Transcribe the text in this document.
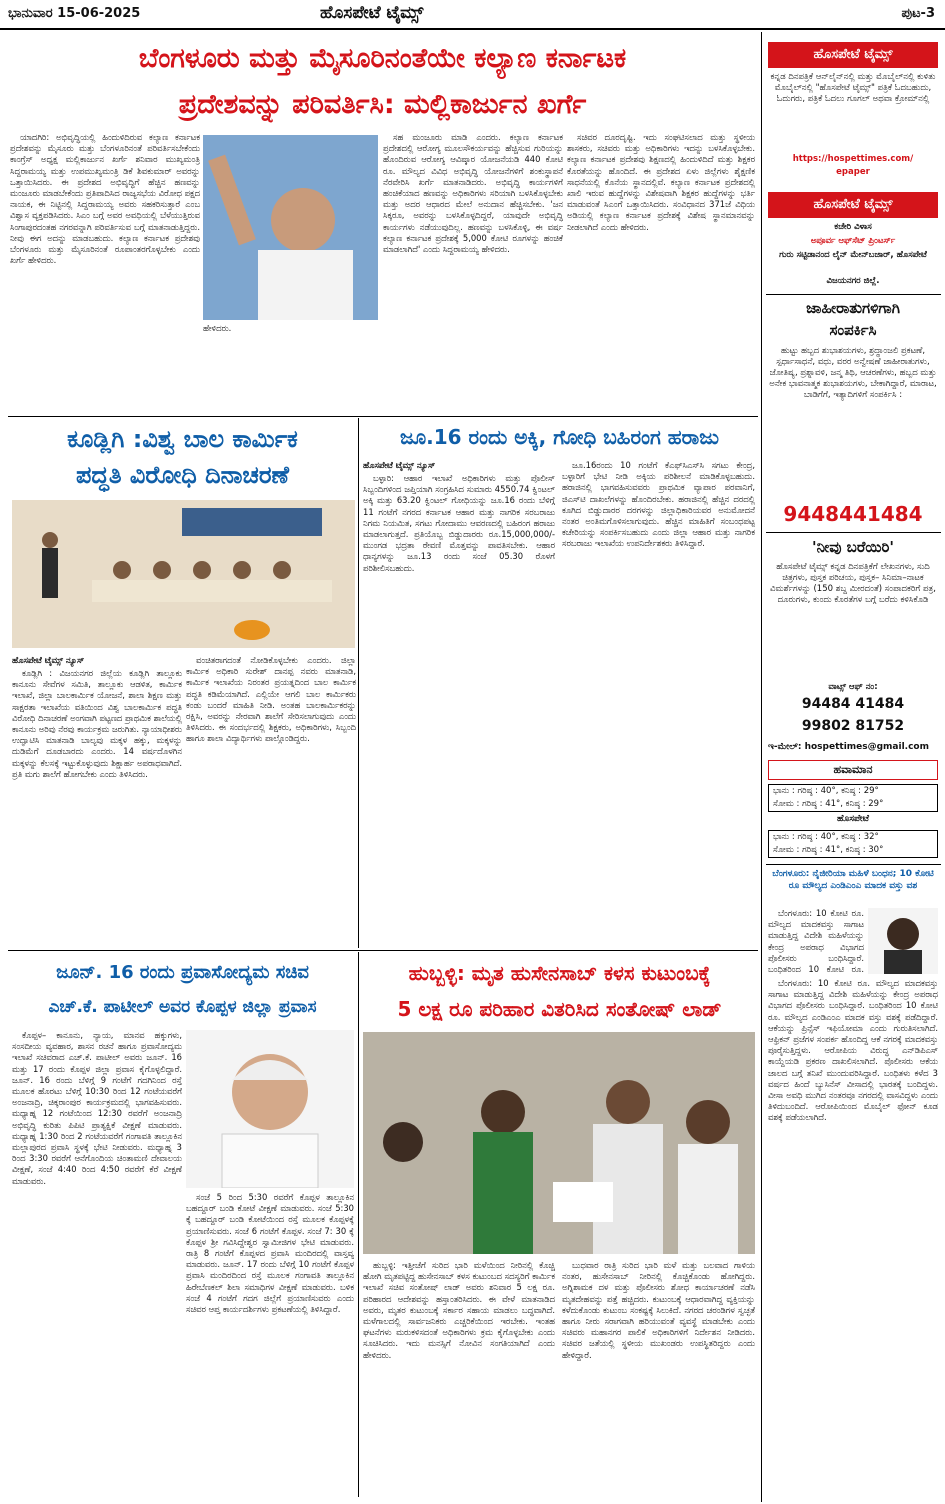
ಭಾನುವಾರ 15-06-2025	ಹೊಸಪೇಟೆ ಟೈಮ್ಸ್	ಪುಟ-3
ಬೆಂಗಳೂರು ಮತ್ತು ಮೈಸೂರಿನಂತೆಯೇ ಕಲ್ಯಾಣ ಕರ್ನಾಟಕ
ಪ್ರದೇಶವನ್ನು ಪರಿವರ್ತಿಸಿ: ಮಲ್ಲಿಕಾರ್ಜುನ ಖರ್ಗೆ

ಯಾದಗಿರಿ: ಅಭಿವೃದ್ಧಿಯಲ್ಲಿ ಹಿಂದುಳಿದಿರುವ ಕಲ್ಯಾಣ ಕರ್ನಾಟಕ ಪ್ರದೇಶವನ್ನು ಮೈಸೂರು ಮತ್ತು ಬೆಂಗಳೂರಿನಂತೆ ಪರಿವರ್ತಿಸಬೇಕೆಂದು ಕಾಂಗ್ರೆಸ್ ಅಧ್ಯಕ್ಷ ಮಲ್ಲಿಕಾರ್ಜುನ ಖರ್ಗೆ ಶನಿವಾರ ಮುಖ್ಯಮಂತ್ರಿ ಸಿದ್ದರಾಮಯ್ಯ ಮತ್ತು ಉಪಮುಖ್ಯಮಂತ್ರಿ ಡಿಕೆ ಶಿವಕುಮಾರ್ ಅವರನ್ನು ಒತ್ತಾಯಿಸಿದರು. ಈ ಪ್ರದೇಶದ ಅಭಿವೃದ್ಧಿಗೆ ಹೆಚ್ಚಿನ ಹಣವನ್ನು ಮಂಜೂರು ಮಾಡಬೇಕೆಂದು ಪ್ರತಿಪಾದಿಸಿದ ರಾಜ್ಯಸಭೆಯ ವಿರೋಧ ಪಕ್ಷದ ನಾಯಕ, ಈ ನಿಟ್ಟಿನಲ್ಲಿ ಸಿದ್ದರಾಮಯ್ಯ ಅವರು ಸಹಕರಿಸುತ್ತಾರೆ ಎಂಬ ವಿಶ್ವಾಸ ವ್ಯಕ್ತಪಡಿಸಿದರು. ಸಿಎಂ ಬಗ್ಗೆ ಅವರ ಅವಧಿಯಲ್ಲಿ ಬೆಳೆಯುತ್ತಿರುವ ಸಿಂಗಾಪುರದಂತಹ ನಗರವನ್ನಾಗಿ ಪರಿವರ್ತಿಸುವ ಬಗ್ಗೆ ಮಾತನಾಡುತ್ತಿದ್ದರು. ನೀವು ಈಗ ಅದನ್ನು ಮಾಡಬಹುದು. ಕಲ್ಯಾಣ ಕರ್ನಾಟಕ ಪ್ರದೇಶವು ಬೆಂಗಳೂರು ಮತ್ತು ಮೈಸೂರಿನಂತೆ ರೂಪಾಂತರಗೊಳ್ಳಬೇಕು ಎಂದು ಖರ್ಗೆ ಹೇಳಿದರು.

ಹೇಳಿದರು.

ಸಹ ಮಂಜೂರು ಮಾಡಿ ಎಂದರು. ಕಲ್ಯಾಣ ಕರ್ನಾಟಕ ಪ್ರದೇಶದಲ್ಲಿ ಆರೋಗ್ಯ ಮೂಲಸೌಕರ್ಯವನ್ನು ಹೆಚ್ಚಿಸುವ ಗುರಿಯನ್ನು ಹೊಂದಿರುವ ಆರೋಗ್ಯ ಆವಿಷ್ಕಾರ ಯೋಜನೆಯಡಿ 440 ಕೋಟಿ ರೂ. ಮೌಲ್ಯದ ವಿವಿಧ ಅಭಿವೃದ್ಧಿ ಯೋಜನೆಗಳಿಗೆ ಶಂಕುಸ್ಥಾಪನೆ ನೆರವೇರಿಸಿ ಖರ್ಗೆ ಮಾತನಾಡಿದರು. ಅಭಿವೃದ್ಧಿ ಕಾರ್ಯಗಳಿಗೆ ಹಂಚಿಕೆಯಾದ ಹಣವನ್ನು ಅಧಿಕಾರಿಗಳು ಸರಿಯಾಗಿ ಬಳಸಿಕೊಳ್ಳಬೇಕು ಮತ್ತು ಅದರ ಆಧಾರದ ಮೇಲೆ ಅನುದಾನ ಹೆಚ್ಚಿಸಬೇಕು. 'ಜನ ಸಿಕ್ಕರೂ, ಅವರನ್ನು ಬಳಸಿಕೊಳ್ಳದಿದ್ದರೆ, ಯಾವುದೇ ಅಭಿವೃದ್ಧಿ ಕಾರ್ಯಗಳು ನಡೆಯುವುದಿಲ್ಲ. ಹಣವನ್ನು ಬಳಸಿಕೊಳ್ಳಿ, ಈ ವರ್ಷ ಕಲ್ಯಾಣ ಕರ್ನಾಟಕ ಪ್ರದೇಶಕ್ಕೆ 5,000 ಕೋಟಿ ರೂಗಳನ್ನು ಹಂಚಿಕೆ ಮಾಡಲಾಗಿದೆ' ಎಂದು ಸಿದ್ದರಾಮಯ್ಯ ಹೇಳಿದರು.

ಸಚಿವರ ದೂರದೃಷ್ಟಿ. ಇದು ಸಂಘಟಿಸಲಾದ ಮತ್ತು ಸ್ಥಳೀಯ ಶಾಸಕರು, ಸಚಿವರು ಮತ್ತು ಅಧಿಕಾರಿಗಳು ಇದನ್ನು ಬಳಸಿಕೊಳ್ಳಬೇಕು. ಕಲ್ಯಾಣ ಕರ್ನಾಟಕ ಪ್ರದೇಶವು ಶಿಕ್ಷಣದಲ್ಲಿ ಹಿಂದುಳಿದಿದೆ ಮತ್ತು ಶಿಕ್ಷಕರ ಕೊರತೆಯನ್ನು ಹೊಂದಿದೆ. ಈ ಪ್ರದೇಶದ ಏಳು ಜಿಲ್ಲೆಗಳು ಶೈಕ್ಷಣಿಕ ಸಾಧನೆಯಲ್ಲಿ ಕೊನೆಯ ಸ್ಥಾನದಲ್ಲಿವೆ. ಕಲ್ಯಾಣ ಕರ್ನಾಟಕ ಪ್ರದೇಶದಲ್ಲಿ ಖಾಲಿ ಇರುವ ಹುದ್ದೆಗಳನ್ನು ವಿಶೇಷವಾಗಿ ಶಿಕ್ಷಕರ ಹುದ್ದೆಗಳನ್ನು ಭರ್ತಿ ಮಾಡುವಂತೆ ಸಿಎಂಗೆ ಒತ್ತಾಯಿಸಿದರು. ಸಂವಿಧಾನದ 371ಜೆ ವಿಧಿಯ ಅಡಿಯಲ್ಲಿ ಕಲ್ಯಾಣ ಕರ್ನಾಟಕ ಪ್ರದೇಶಕ್ಕೆ ವಿಶೇಷ ಸ್ಥಾನಮಾನವನ್ನು ನೀಡಲಾಗಿದೆ ಎಂದು ಹೇಳಿದರು.

ಕೂಡ್ಲಿಗಿ :ವಿಶ್ವ ಬಾಲ ಕಾರ್ಮಿಕ
ಪದ್ಧತಿ ವಿರೋಧಿ ದಿನಾಚರಣೆ
ಹೊಸಪೇಟೆ ಟೈಮ್ಸ್ ನ್ಯೂಸ್

ಕೂಡ್ಲಿಗಿ : ವಿಜಯನಗರ ಜಿಲ್ಲೆಯ ಕೂಡ್ಲಿಗಿ ತಾಲ್ಲೂಕು ಕಾನೂನು ಸೇವೆಗಳ ಸಮಿತಿ, ತಾಲ್ಲೂಕು ಆಡಳಿತ, ಕಾರ್ಮಿಕ ಇಲಾಖೆ, ಜಿಲ್ಲಾ ಬಾಲಕಾರ್ಮಿಕ ಯೋಜನೆ, ಶಾಲಾ ಶಿಕ್ಷಣ ಮತ್ತು ಸಾಕ್ಷರತಾ ಇಲಾಖೆಯ ವತಿಯಿಂದ ವಿಶ್ವ ಬಾಲಕಾರ್ಮಿಕ ಪದ್ಧತಿ ವಿರೋಧಿ ದಿನಾಚರಣೆ ಅಂಗವಾಗಿ ಪಟ್ಟಣದ ಪ್ರಾಥಮಿಕ ಶಾಲೆಯಲ್ಲಿ ಕಾನೂನು ಅರಿವು ನೆರವು ಕಾರ್ಯಕ್ರಮ ಜರುಗಿತು. ನ್ಯಾಯಾಧೀಶರು ಉದ್ಘಾಟಿಸಿ ಮಾತನಾಡಿ ಬಾಲ್ಯವು ಮಕ್ಕಳ ಹಕ್ಕು, ಮಕ್ಕಳನ್ನು ದುಡಿಮೆಗೆ ದೂಡಬಾರದು ಎಂದರು. 14 ವರ್ಷದೊಳಗಿನ ಮಕ್ಕಳನ್ನು ಕೆಲಸಕ್ಕೆ ಇಟ್ಟುಕೊಳ್ಳುವುದು ಶಿಕ್ಷಾರ್ಹ ಅಪರಾಧವಾಗಿದೆ. ಪ್ರತಿ ಮಗು ಶಾಲೆಗೆ ಹೋಗಬೇಕು ಎಂದು ತಿಳಿಸಿದರು.

ವಂಚಿತರಾಗದಂತೆ ನೋಡಿಕೊಳ್ಳಬೇಕು ಎಂದರು. ಜಿಲ್ಲಾ ಕಾರ್ಮಿಕ ಅಧಿಕಾರಿ ಸುರೇಶ್ ದಾನಪ್ಪ ನವರು ಮಾತನಾಡಿ, ಕಾರ್ಮಿಕ ಇಲಾಖೆಯ ನಿರಂತರ ಪ್ರಯತ್ನದಿಂದ ಬಾಲ ಕಾರ್ಮಿಕ ಪದ್ಧತಿ ಕಡಿಮೆಯಾಗಿದೆ. ಎಲ್ಲಿಯೇ ಆಗಲಿ ಬಾಲ ಕಾರ್ಮಿಕರು ಕಂಡು ಬಂದರೆ ಮಾಹಿತಿ ನೀಡಿ. ಅಂತಹ ಬಾಲಕಾರ್ಮಿಕರನ್ನು ರಕ್ಷಿಸಿ, ಅವರನ್ನು ನೇರವಾಗಿ ಶಾಲೆಗೆ ಸೇರಿಸಲಾಗುವುದು ಎಂದು ತಿಳಿಸಿದರು. ಈ ಸಂದರ್ಭದಲ್ಲಿ ಶಿಕ್ಷಕರು, ಅಧಿಕಾರಿಗಳು, ಸಿಬ್ಬಂದಿ ಹಾಗೂ ಶಾಲಾ ವಿದ್ಯಾರ್ಥಿಗಳು ಪಾಲ್ಗೊಂಡಿದ್ದರು.

ಜೂ.16 ರಂದು ಅಕ್ಕಿ, ಗೋಧಿ ಬಹಿರಂಗ ಹರಾಜು
ಹೊಸಪೇಟೆ ಟೈಮ್ಸ್ ನ್ಯೂಸ್

ಬಳ್ಳಾರಿ: ಆಹಾರ ಇಲಾಖೆ ಅಧಿಕಾರಿಗಳು ಮತ್ತು ಪೊಲೀಸ್ ಸಿಬ್ಬಂದಿಗಳಿಂದ ಜಪ್ತಿಯಾಗಿ ಸಂಗ್ರಹಿಸಿದ ಸುಮಾರು 4550.74 ಕ್ವಿಂಟಲ್ ಅಕ್ಕಿ ಮತ್ತು 63.20 ಕ್ವಿಂಟಲ್ ಗೋಧಿಯನ್ನು ಜೂ.16 ರಂದು ಬೆಳಿಗ್ಗೆ 11 ಗಂಟೆಗೆ ನಗರದ ಕರ್ನಾಟಕ ಆಹಾರ ಮತ್ತು ನಾಗರಿಕ ಸರಬರಾಜು ನಿಗಮ ನಿಯಮಿತ, ಸಗಟು ಗೋದಾಮು ಆವರಣದಲ್ಲಿ ಬಹಿರಂಗ ಹರಾಜು ಮಾಡಲಾಗುತ್ತದೆ. ಪ್ರತಿಯೊಬ್ಬ ಬಿಡ್ಡುದಾರರು ರೂ.15,000,000/- ಮುಂಗಡ ಭದ್ರತಾ ಠೇವಣಿ ಮೊತ್ತವನ್ನು ಪಾವತಿಸಬೇಕು. ಆಹಾರ ಧಾನ್ಯಗಳನ್ನು ಜೂ.13 ರಂದು ಸಂಜೆ 05.30 ರೊಳಗೆ ಪರಿಶೀಲಿಸಬಹುದು.

ಜೂ.16ರಂದು 10 ಗಂಟೆಗೆ ಕೆಎಫ್‌ಸಿಎಸ್‌ಸಿ ಸಗಟು ಕೇಂದ್ರ, ಬಳ್ಳಾರಿಗೆ ಭೇಟಿ ನೀಡಿ ಅಕ್ಕಿಯ ಪರಿಶೀಲನೆ ಮಾಡಿಕೊಳ್ಳಬಹುದು. ಹರಾಜಿನಲ್ಲಿ ಭಾಗವಹಿಸುವವರು ಪ್ರಾಥಮಿಕ ವ್ಯಾಪಾರ ಪರವಾನಿಗೆ, ಜಿಎಸ್‌ಟಿ ದಾಖಲೆಗಳನ್ನು ಹೊಂದಿರಬೇಕು. ಹರಾಜಿನಲ್ಲಿ ಹೆಚ್ಚಿನ ದರದಲ್ಲಿ ಕೂಗಿದ ಬಿಡ್ಡುದಾರರ ದರಗಳನ್ನು ಜಿಲ್ಲಾಧಿಕಾರಿಯವರ ಅನುಮೋದನೆ ನಂತರ ಅಂತಿಮಗೊಳಿಸಲಾಗುವುದು. ಹೆಚ್ಚಿನ ಮಾಹಿತಿಗೆ ಸಂಬಂಧಪಟ್ಟ ಕಚೇರಿಯನ್ನು ಸಂಪರ್ಕಿಸಬಹುದು ಎಂದು ಜಿಲ್ಲಾ ಆಹಾರ ಮತ್ತು ನಾಗರಿಕ ಸರಬರಾಜು ಇಲಾಖೆಯ ಉಪನಿರ್ದೇಶಕರು ತಿಳಿಸಿದ್ದಾರೆ.

ಜೂನ್. 16 ರಂದು ಪ್ರವಾಸೋದ್ಯಮ ಸಚಿವ
ಎಚ್.ಕೆ. ಪಾಟೀಲ್ ಅವರ ಕೊಪ್ಪಳ ಜಿಲ್ಲಾ ಪ್ರವಾಸ

ಕೊಪ್ಪಳ– ಕಾನೂನು, ನ್ಯಾಯ, ಮಾನವ ಹಕ್ಕುಗಳು, ಸಂಸದೀಯ ವ್ಯವಹಾರ, ಶಾಸನ ರಚನೆ ಹಾಗೂ ಪ್ರವಾಸೋದ್ಯಮ ಇಲಾಖೆ ಸಚಿವರಾದ ಎಚ್.ಕೆ. ಪಾಟೀಲ್ ಅವರು ಜೂನ್. 16 ಮತ್ತು 17 ರಂದು ಕೊಪ್ಪಳ ಜಿಲ್ಲಾ ಪ್ರವಾಸ ಕೈಗೊಳ್ಳಲಿದ್ದಾರೆ. ಜೂನ್. 16 ರಂದು ಬೆಳಿಗ್ಗೆ 9 ಗಂಟೆಗೆ ಗದಗಿನಿಂದ ರಸ್ತೆ ಮೂಲಕ ಹೊರಟು ಬೆಳಿಗ್ಗೆ 10:30 ರಿಂದ 12 ಗಂಟೆಯವರೆಗೆ ಅಂಜನಾದ್ರಿ, ಚಿಕ್ಕರಾಂಪುರ ಕಾರ್ಯಕ್ರಮದಲ್ಲಿ ಭಾಗವಹಿಸುವರು. ಮಧ್ಯಾಹ್ನ 12 ಗಂಟೆಯಿಂದ 12:30 ರವರೆಗೆ ಅಂಜನಾದ್ರಿ ಅಭಿವೃದ್ಧಿ ಕುರಿತು ಪಿಪಿಟಿ ಪ್ರಾತ್ಯಕ್ಷಿಕೆ ವೀಕ್ಷಣೆ ಮಾಡುವರು. ಮಧ್ಯಾಹ್ನ 1:30 ರಿಂದ 2 ಗಂಟೆಯವರೆಗೆ ಗಂಗಾವತಿ ತಾಲ್ಲೂಕಿನ ಮಲ್ಲಾಪುರದ ಪ್ರವಾಸಿ ಸ್ಥಳಕ್ಕೆ ಭೇಟಿ ನೀಡುವರು. ಮಧ್ಯಾಹ್ನ 3 ರಿಂದ 3:30 ರವರೆಗೆ ಆನೆಗೊಂದಿಯ ಚಿಂತಾಮಣಿ ದೇವಾಲಯ ವೀಕ್ಷಣೆ, ಸಂಜೆ 4:40 ರಿಂದ 4:50 ರವರೆಗೆ ಕೆರೆ ವೀಕ್ಷಣೆ ಮಾಡುವರು.

ಸಂಜೆ 5 ರಿಂದ 5:30 ರವರೆಗೆ ಕೊಪ್ಪಳ ತಾಲ್ಲೂಕಿನ ಬಹದ್ದೂರ್ ಬಂಡಿ ಕೋಟೆ ವೀಕ್ಷಣೆ ಮಾಡುವರು. ಸಂಜೆ 5:30 ಕ್ಕೆ ಬಹದ್ದೂರ್ ಬಂಡಿ ಕೋಟೆಯಿಂದ ರಸ್ತೆ ಮೂಲಕ ಕೊಪ್ಪಳಕ್ಕೆ ಪ್ರಯಾಣಿಸುವರು. ಸಂಜೆ 6 ಗಂಟೆಗೆ ಕೊಪ್ಪಳ. ಸಂಜೆ 7: 30 ಕ್ಕೆ ಕೊಪ್ಪಳ ಶ್ರೀ ಗವಿಸಿದ್ದೇಶ್ವರ ಸ್ವಾಮೀಜಿಗಳ ಭೇಟಿ ಮಾಡುವರು. ರಾತ್ರಿ 8 ಗಂಟೆಗೆ ಕೊಪ್ಪಳದ ಪ್ರವಾಸಿ ಮಂದಿರದಲ್ಲಿ ವಾಸ್ತವ್ಯ ಮಾಡುವರು. ಜೂನ್. 17 ರಂದು ಬೆಳಿಗ್ಗೆ 10 ಗಂಟೆಗೆ ಕೊಪ್ಪಳ ಪ್ರವಾಸಿ ಮಂದಿರದಿಂದ ರಸ್ತೆ ಮೂಲಕ ಗಂಗಾವತಿ ತಾಲ್ಲೂಕಿನ ಹಿರೇಬೆಣಕಲ್ ಶಿಲಾ ಸಮಾಧಿಗಳ ವೀಕ್ಷಣೆ ಮಾಡುವರು. ಬಳಿಕ ಸಂಜೆ 4 ಗಂಟೆಗೆ ಗದಗ ಜಿಲ್ಲೆಗೆ ಪ್ರಯಾಣಿಸುವರು ಎಂದು ಸಚಿವರ ಆಪ್ತ ಕಾರ್ಯದರ್ಶಿಗಳು ಪ್ರಕಟಣೆಯಲ್ಲಿ ತಿಳಿಸಿದ್ದಾರೆ.

ಹುಬ್ಬಳ್ಳಿ: ಮೃತ ಹುಸೇನಸಾಬ್ ಕಳಸ ಕುಟುಂಬಕ್ಕೆ
5 ಲಕ್ಷ ರೂ ಪರಿಹಾರ ವಿತರಿಸಿದ ಸಂತೋಷ್ ಲಾಡ್

ಹುಬ್ಬಳ್ಳಿ: ಇತ್ತೀಚೆಗೆ ಸುರಿದ ಭಾರಿ ಮಳೆಯಿಂದ ನೀರಿನಲ್ಲಿ ಕೊಚ್ಚಿ ಹೋಗಿ ಮೃತಪಟ್ಟಿದ್ದ ಹುಸೇನಸಾಬ್ ಕಳಸ ಕುಟುಂಬದ ಸದಸ್ಯರಿಗೆ ಕಾರ್ಮಿಕ ಇಲಾಖೆ ಸಚಿವ ಸಂತೋಷ್ ಲಾಡ್ ಅವರು ಶನಿವಾರ 5 ಲಕ್ಷ ರೂ. ಪರಿಹಾರದ ಆದೇಶವನ್ನು ಹಸ್ತಾಂತರಿಸಿದರು. ಈ ವೇಳೆ ಮಾತನಾಡಿದ ಅವರು, ಮೃತರ ಕುಟುಂಬಕ್ಕೆ ಸರ್ಕಾರ ಸಹಾಯ ಮಾಡಲು ಬದ್ಧವಾಗಿದೆ. ಮಳೆಗಾಲದಲ್ಲಿ ಸಾರ್ವಜನಿಕರು ಎಚ್ಚರಿಕೆಯಿಂದ ಇರಬೇಕು. ಇಂತಹ ಘಟನೆಗಳು ಮರುಕಳಿಸದಂತೆ ಅಧಿಕಾರಿಗಳು ಕ್ರಮ ಕೈಗೊಳ್ಳಬೇಕು ಎಂದು ಸೂಚಿಸಿದರು. ಇದು ಮನಸ್ಸಿಗೆ ನೋವಿನ ಸಂಗತಿಯಾಗಿದೆ ಎಂದು ಹೇಳಿದರು.

ಬುಧವಾರ ರಾತ್ರಿ ಸುರಿದ ಭಾರಿ ಮಳೆ ಮತ್ತು ಬಲವಾದ ಗಾಳಿಯ ನಂತರ, ಹುಸೇನಸಾಬ್ ನೀರಿನಲ್ಲಿ ಕೊಚ್ಚಿಕೊಂಡು ಹೋಗಿದ್ದರು. ಅಗ್ನಿಶಾಮಕ ದಳ ಮತ್ತು ಪೊಲೀಸರು ಶೋಧ ಕಾರ್ಯಾಚರಣೆ ನಡೆಸಿ ಮೃತದೇಹವನ್ನು ಪತ್ತೆ ಹಚ್ಚಿದರು. ಕುಟುಂಬಕ್ಕೆ ಆಧಾರವಾಗಿದ್ದ ವ್ಯಕ್ತಿಯನ್ನು ಕಳೆದುಕೊಂಡು ಕುಟುಂಬ ಸಂಕಷ್ಟಕ್ಕೆ ಸಿಲುಕಿದೆ. ನಗರದ ಚರಂಡಿಗಳ ಸ್ವಚ್ಛತೆ ಹಾಗೂ ನೀರು ಸರಾಗವಾಗಿ ಹರಿಯುವಂತೆ ವ್ಯವಸ್ಥೆ ಮಾಡಬೇಕು ಎಂದು ಸಚಿವರು ಮಹಾನಗರ ಪಾಲಿಕೆ ಅಧಿಕಾರಿಗಳಿಗೆ ನಿರ್ದೇಶನ ನೀಡಿದರು. ಸಚಿವರ ಜತೆಯಲ್ಲಿ ಸ್ಥಳೀಯ ಮುಖಂಡರು ಉಪಸ್ಥಿತರಿದ್ದರು ಎಂದು ಹೇಳಿದ್ದಾರೆ.

ಹೊಸಪೇಟೆ ಟೈಮ್ಸ್
ಕನ್ನಡ ದಿನಪತ್ರಿಕೆ ಆನ್‌ಲೈನ್‌ನಲ್ಲಿ ಮತ್ತು ಮೊಬೈಲ್‌ನಲ್ಲಿ ಕುಳಿತು ಮೊಬೈಲ್‌ನಲ್ಲಿ "ಹೊಸಪೇಟೆ ಟೈಮ್ಸ್" ಪತ್ರಿಕೆ ಓದಬಹುದು, ಓದುಗರು, ಪತ್ರಿಕೆ ಓದಲು ಗೂಗಲ್ ಅಥವಾ ಕ್ರೋಮ್‌ನಲ್ಲಿ
https://hospettimes.com/
epaper
ಹೊಸಪೇಟೆ ಟೈಮ್ಸ್
ಕಚೇರಿ ವಿಳಾಸ
ಅಪೂರ್ವ ಆಫ್‌ಸೆಟ್ ಪ್ರಿಂಟರ್ಸ್
ಗುರು ಸಟ್ಟಿಡಾನಂದ ಲೈನ್ ಮೇನ್‌ಬಜಾರ್, ಹೊಸಪೇಟೆ
ವಿಜಯನಗರ ಜಿಲ್ಲೆ.
ಜಾಹೀರಾತುಗಳಿಗಾಗಿ
ಸಂಪರ್ಕಿಸಿ
ಹುಟ್ಟು ಹಬ್ಬದ ಶುಭಾಶಯಗಳು, ಶ್ರದ್ಧಾಂಜಲಿ ಪ್ರಕಟಣೆ, ಸ್ಪರ್ಧಾಸಾಧನೆ, ವಧು, ವರರ ಅನ್ವೇಷಣೆ ಜಾಹೀರಾತುಗಳು, ಜೋತಿಷ್ಯ, ಪ್ರಶ್ನಾವಳಿ, ಜನ್ಮ ತಿಥಿ, ಆಚರಣೆಗಳು, ಹಬ್ಬದ ಮತ್ತು ಅನೇಕ ಭಾವನಾತ್ಮಕ ಶುಭಾಶಯಗಳು, ಬೇಕಾಗಿದ್ದಾರೆ, ಮಾರಾಟ, ಬಾಡಿಗೆಗೆ, ಇತ್ಯಾದಿಗಳಿಗೆ ಸಂಪರ್ಕಿಸಿ :
9448441484
'ನೀವು ಬರೆಯಿರಿ'
ಹೊಸಪೇಟೆ ಟೈಮ್ಸ್ ಕನ್ನಡ ದಿನಪತ್ರಿಕೆಗೆ ಲೇಖನಗಳು, ಸುದಿ ಚಿತ್ರಗಳು, ಪುಸ್ತಕ ಪರಿಚಯ, ಪುಸ್ತಕ– ಸಿನಿಮಾ–ನಾಟಕ ವಿಮರ್ಶೆಗಳನ್ನು (150 ಶಬ್ದ ಮೀರದಂತೆ) ಸಂಪಾದಕರಿಗೆ ಪತ್ರ, ದೂರುಗಳು, ಕುಂದು ಕೊರತೆಗಳ ಬಗ್ಗೆ ಬರೆದು ಕಳಿಸಿಕೊಡಿ
ವಾಟ್ಸ್ ಆಫ್ ನಂ:
94484 41484
99802 81752
ಇ-ಮೇಲ್: hospettimes@gmail.com
ಹವಾಮಾನ
ಭಾನು : ಗರಿಷ್ಠ : 40°, ಕನಿಷ್ಠ : 29°
ಸೋಮ : ಗರಿಷ್ಠ : 41°, ಕನಿಷ್ಠ : 29°
ಹೊಸಪೇಟೆ
ಭಾನು : ಗರಿಷ್ಠ : 40°, ಕನಿಷ್ಠ : 32°
ಸೋಮ : ಗರಿಷ್ಠ : 41°, ಕನಿಷ್ಠ : 30°
ಬೆಂಗಳೂರು: ನೈಜೀರಿಯಾ ಮಹಿಳೆ ಬಂಧನ; 10 ಕೋಟಿ ರೂ ಮೌಲ್ಯದ ಎಂಡಿಎಂಎ ಮಾದಕ ವಸ್ತು ವಶ

ಬೆಂಗಳೂರು: 10 ಕೋಟಿ ರೂ. ಮೌಲ್ಯದ ಮಾದಕವಸ್ತು ಸಾಗಾಟ ಮಾಡುತ್ತಿದ್ದ ವಿದೇಶಿ ಮಹಿಳೆಯನ್ನು ಕೇಂದ್ರ ಅಪರಾಧ ವಿಭಾಗದ ಪೊಲೀಸರು ಬಂಧಿಸಿದ್ದಾರೆ. ಬಂಧಿತರಿಂದ 10 ಕೋಟಿ ರೂ.

ಬೆಂಗಳೂರು: 10 ಕೋಟಿ ರೂ. ಮೌಲ್ಯದ ಮಾದಕವಸ್ತು ಸಾಗಾಟ ಮಾಡುತ್ತಿದ್ದ ವಿದೇಶಿ ಮಹಿಳೆಯನ್ನು ಕೇಂದ್ರ ಅಪರಾಧ ವಿಭಾಗದ ಪೊಲೀಸರು ಬಂಧಿಸಿದ್ದಾರೆ. ಬಂಧಿತರಿಂದ 10 ಕೋಟಿ ರೂ. ಮೌಲ್ಯದ ಎಂಡಿಎಂಎ ಮಾದಕ ವಸ್ತು ವಶಕ್ಕೆ ಪಡೆದಿದ್ದಾರೆ. ಆಕೆಯನ್ನು ಪ್ರಿನ್ಸೆಸ್ ಇಫಿಯೋಮಾ ಎಂದು ಗುರುತಿಸಲಾಗಿದೆ. ಆಫ್ರಿಕನ್ ಪ್ರಜೆಗಳ ಸಂಪರ್ಕ ಹೊಂದಿದ್ದ ಆಕೆ ನಗರಕ್ಕೆ ಮಾದಕವಸ್ತು ಪೂರೈಸುತ್ತಿದ್ದಳು. ಆರೋಪಿಯ ವಿರುದ್ಧ ಎನ್‌ಡಿಪಿಎಸ್ ಕಾಯ್ದೆಯಡಿ ಪ್ರಕರಣ ದಾಖಲಿಸಲಾಗಿದೆ. ಪೊಲೀಸರು ಆಕೆಯ ಜಾಲದ ಬಗ್ಗೆ ತನಿಖೆ ಮುಂದುವರಿಸಿದ್ದಾರೆ. ಬಂಧಿತಳು ಕಳೆದ 3 ವರ್ಷದ ಹಿಂದೆ ಬ್ಯುಸಿನೆಸ್ ವೀಸಾದಲ್ಲಿ ಭಾರತಕ್ಕೆ ಬಂದಿದ್ದಳು. ವೀಸಾ ಅವಧಿ ಮುಗಿದ ನಂತರವೂ ನಗರದಲ್ಲಿ ವಾಸವಿದ್ದಳು ಎಂದು ತಿಳಿದುಬಂದಿದೆ. ಆರೋಪಿಯಿಂದ ಮೊಬೈಲ್ ಫೋನ್ ಕೂಡ ವಶಕ್ಕೆ ಪಡೆಯಲಾಗಿದೆ.
